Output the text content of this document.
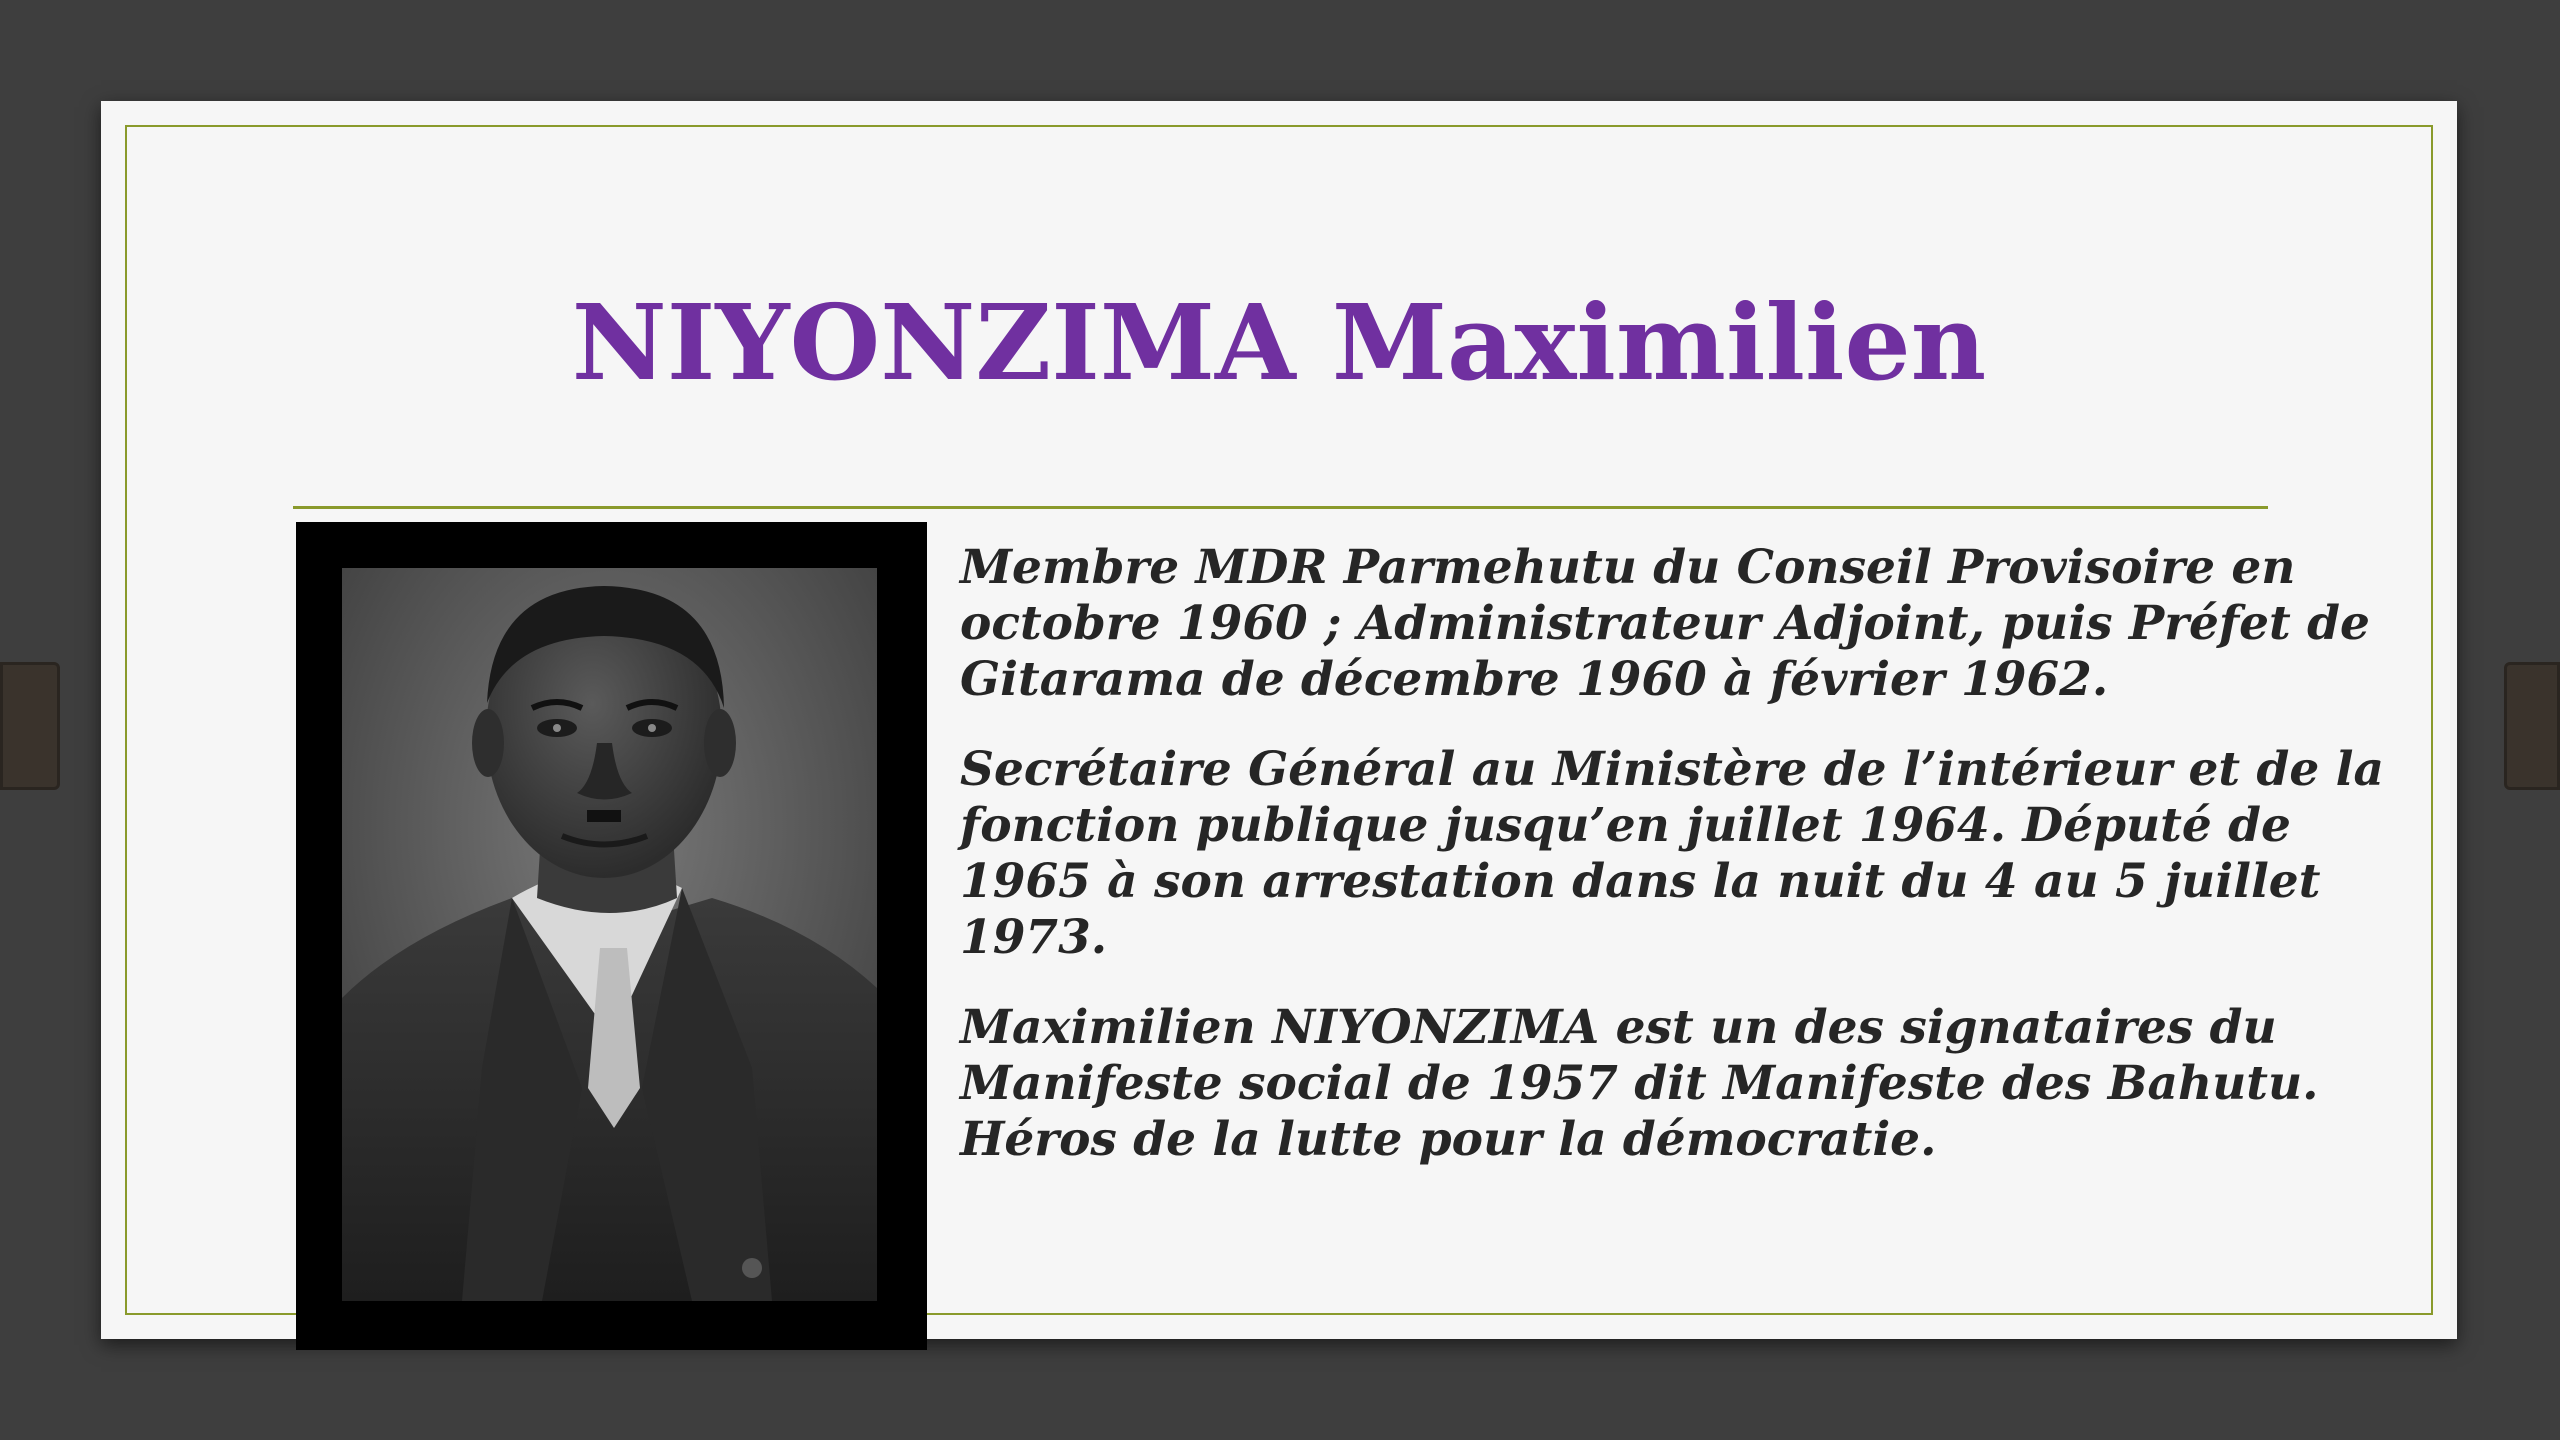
NIYONZIMA Maximilien

Membre MDR Parmehutu du Conseil Provisoire en octobre 1960 ; Administrateur Adjoint, puis Préfet de Gitarama de décembre 1960 à février 1962.

Secrétaire Général au Ministère de l’intérieur et de la fonction publique jusqu’en juillet 1964. Député de 1965 à son arrestation dans la nuit du 4 au 5 juillet 1973.

Maximilien NIYONZIMA est un des signataires du Manifeste social de 1957 dit Manifeste des Bahutu. Héros de la lutte pour la démocratie.
